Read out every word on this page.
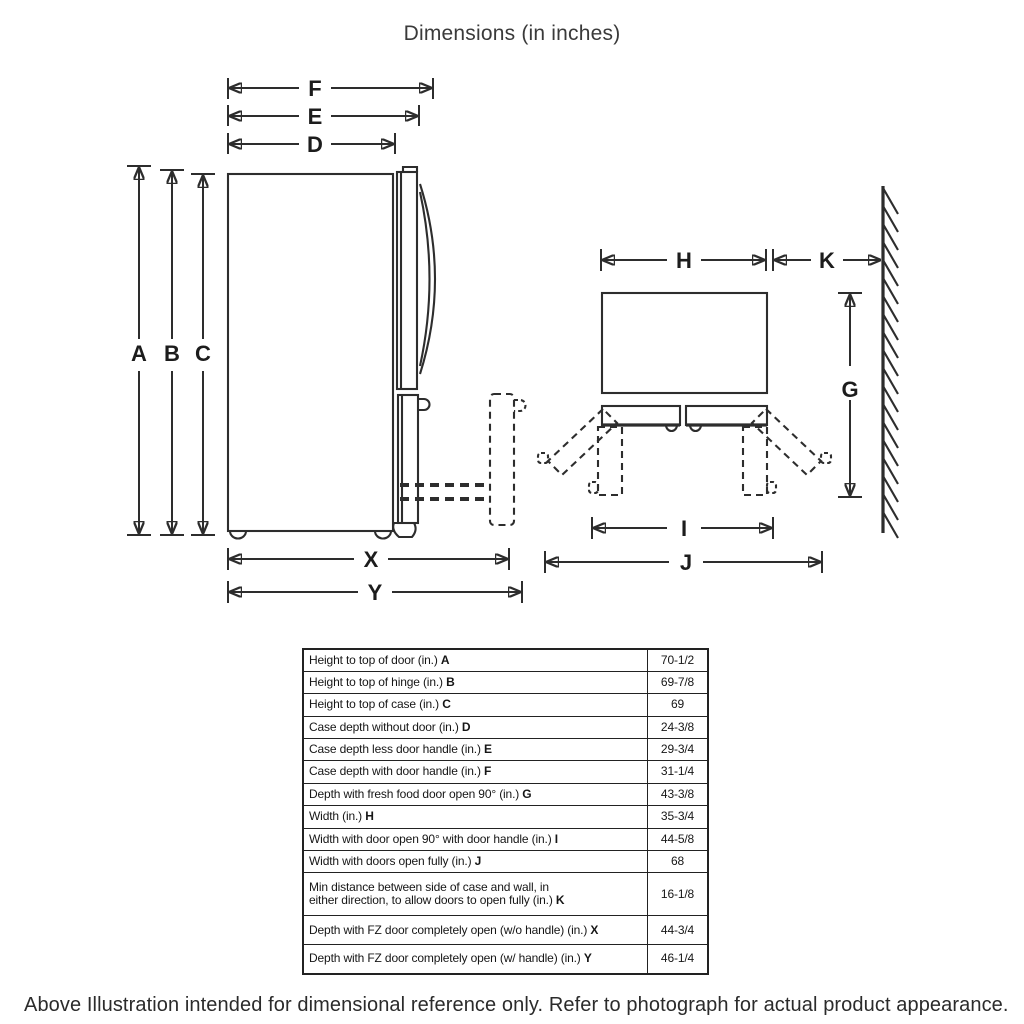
Dimensions (in inches)
F
E
D
A B C
X
Y
H	K
G
I
J
Height to top of door (in.) A	70-1/2
Height to top of hinge (in.) B	69-7/8
Height to top of case (in.) C	69
Case depth without door (in.) D	24-3/8
Case depth less door handle (in.) E	29-3/4
Case depth with door handle (in.) F	31-1/4
Depth with fresh food door open 90° (in.) G	43-3/8
Width (in.) H	35-3/4
Width with door open 90° with door handle (in.) I	44-5/8
Width with doors open fully (in.) J	68
Min distance between side of case and wall, in
either direction, to allow doors to open fully (in.) K	16-1/8
Depth with FZ door completely open (w/o handle) (in.) X	44-3/4
Depth with FZ door completely open (w/ handle) (in.) Y	46-1/4
Above Illustration intended for dimensional reference only. Refer to photograph for actual product appearance.
